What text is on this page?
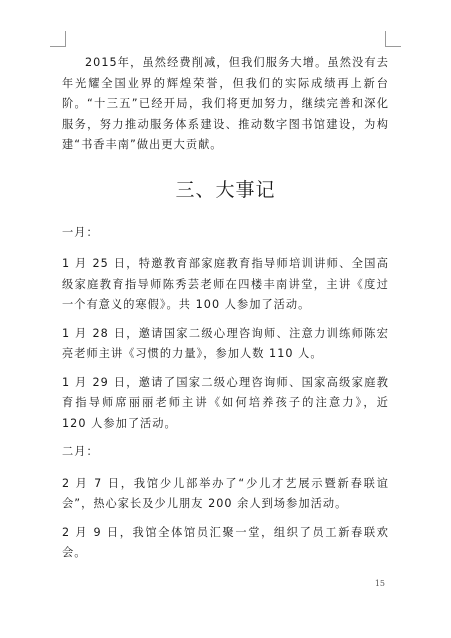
2015年，虽然经费削减，但我们服务大增。虽然没有去年光耀全国业界的辉煌荣誉，但我们的实际成绩再上新台阶。“十三五”已经开局，我们将更加努力，继续完善和深化服务，努力推动服务体系建设、推动数字图书馆建设，为构建“书香丰南”做出更大贡献。

三、大事记

一月：

1 月 25 日，特邀教育部家庭教育指导师培训讲师、全国高级家庭教育指导师陈秀芸老师在四楼丰南讲堂，主讲《度过一个有意义的寒假》。共 100 人参加了活动。

1 月 28 日，邀请国家二级心理咨询师、注意力训练师陈宏亮老师主讲《习惯的力量》，参加人数 110 人。

1 月 29 日，邀请了国家二级心理咨询师、国家高级家庭教育指导师席丽丽老师主讲《如何培养孩子的注意力》，近 120 人参加了活动。

二月：

2 月 7 日，我馆少儿部举办了“少儿才艺展示暨新春联谊会”，热心家长及少儿朋友 200 余人到场参加活动。

2 月 9 日，我馆全体馆员汇聚一堂，组织了员工新春联欢会。

15
